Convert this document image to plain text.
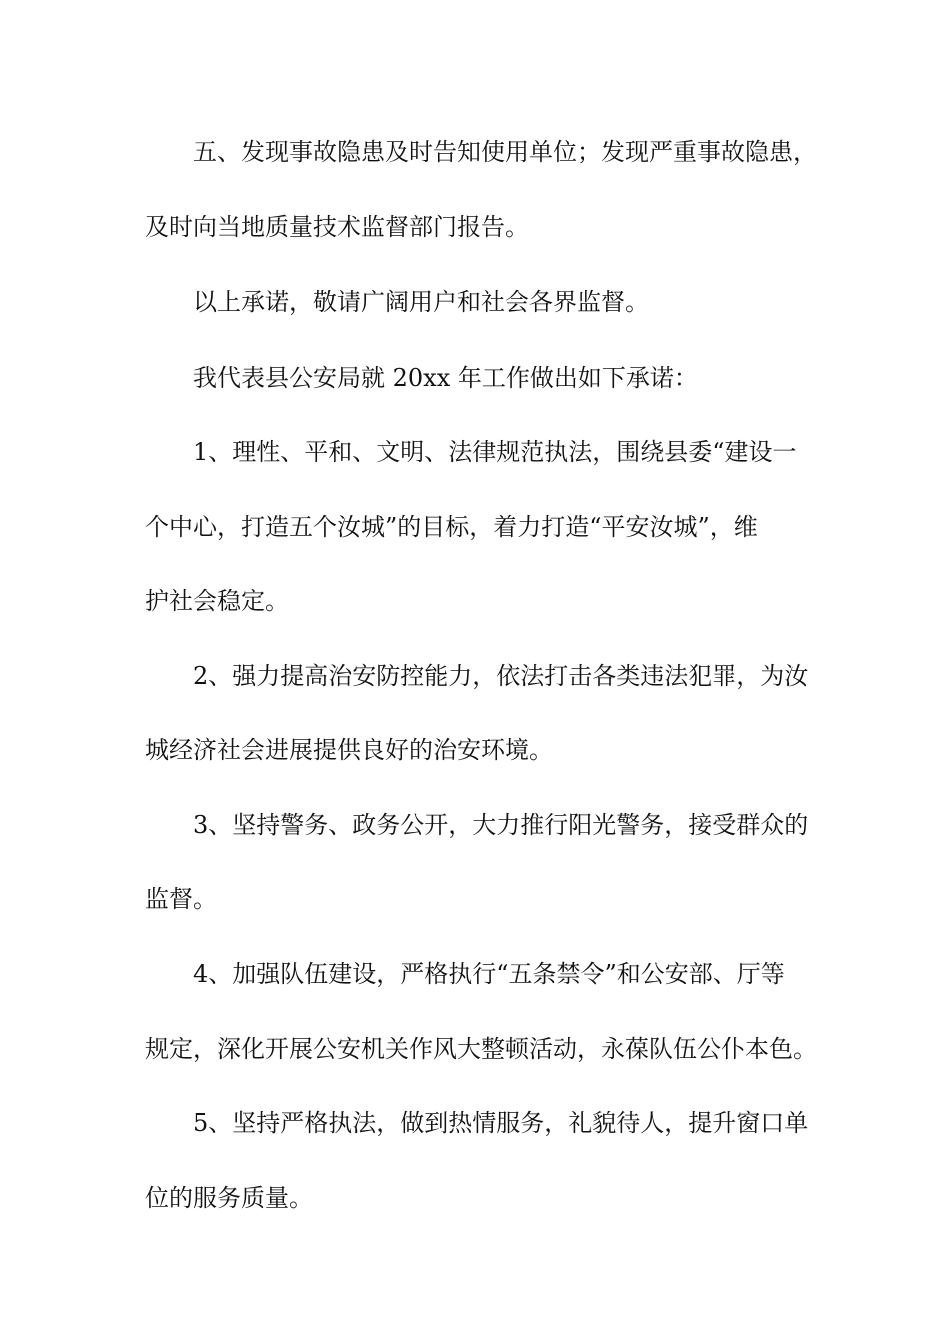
五、发现事故隐患及时告知使用单位；发现严重事故隐患，
及时向当地质量技术监督部门报告。
以上承诺，敬请广阔用户和社会各界监督。
我代表县公安局就 20xx 年工作做出如下承诺：
1、理性、平和、文明、法律规范执法，围绕县委“建设一
个中心，打造五个汝城”的目标，着力打造“平安汝城”，维
护社会稳定。
2、强力提高治安防控能力，依法打击各类违法犯罪，为汝
城经济社会进展提供良好的治安环境。
3、坚持警务、政务公开，大力推行阳光警务，接受群众的
监督。
4、加强队伍建设，严格执行“五条禁令”和公安部、厅等
规定，深化开展公安机关作风大整顿活动，永葆队伍公仆本色。
5、坚持严格执法，做到热情服务，礼貌待人，提升窗口单
位的服务质量。
